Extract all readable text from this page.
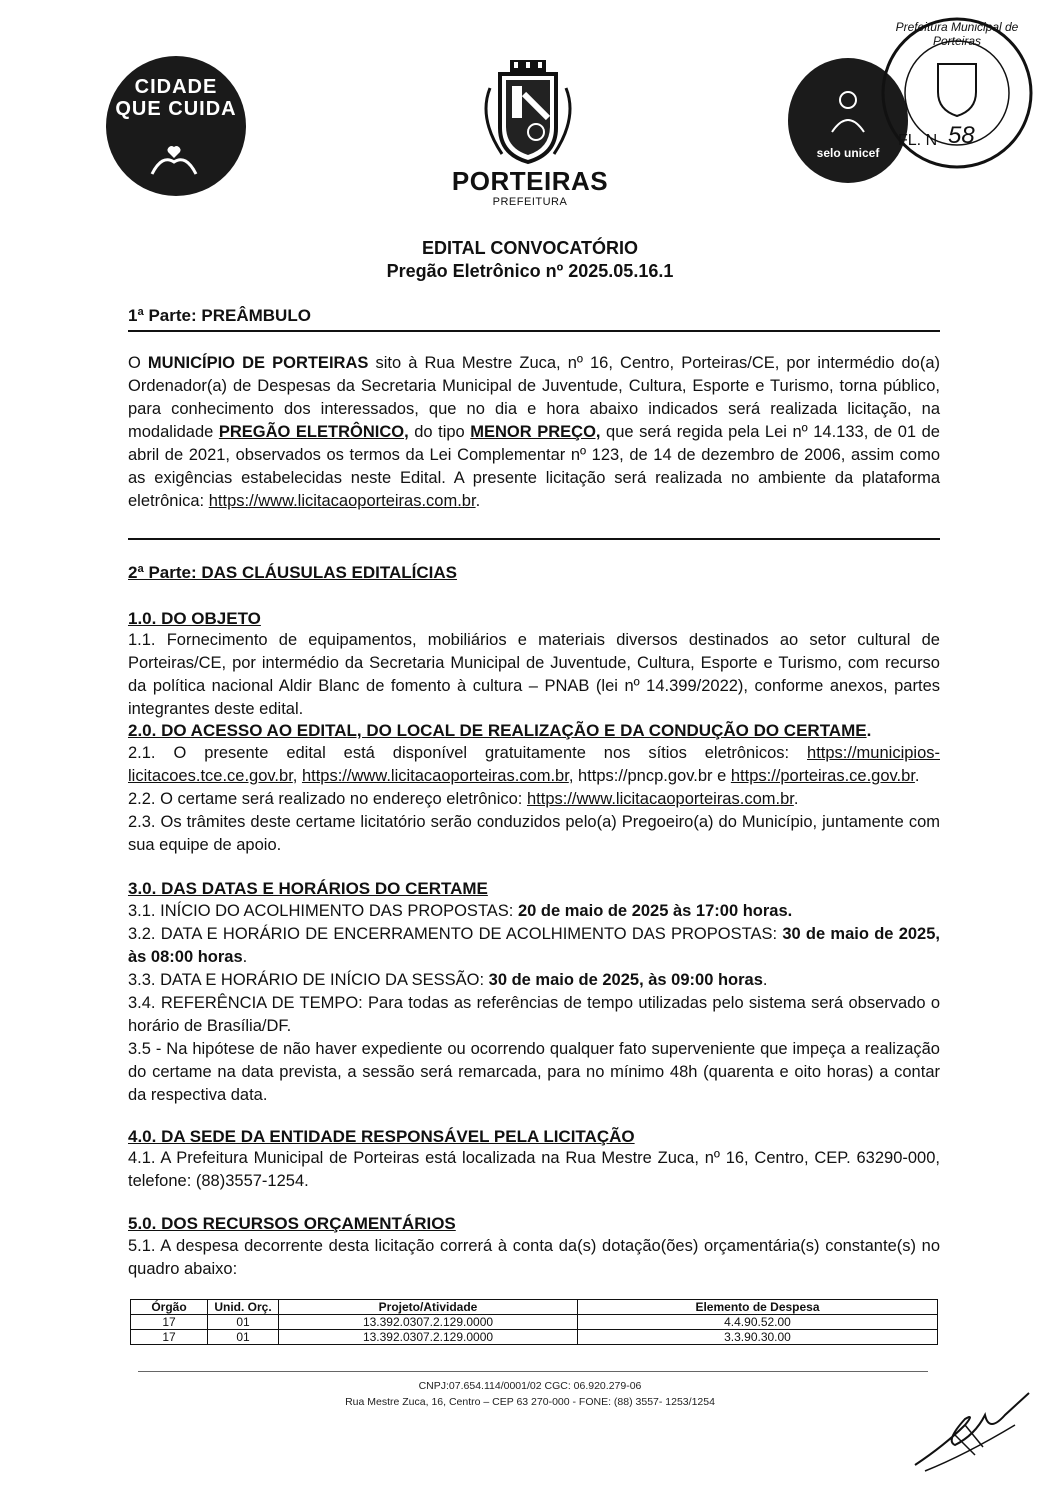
CIDADE
QUE CUIDA
PORTEIRAS
PREFEITURA
selo unicef
Prefeitura Municipal de Porteiras
FL. N 58
EDITAL CONVOCATÓRIO
Pregão Eletrônico nº 2025.05.16.1
1ª Parte: PREÂMBULO
O MUNICÍPIO DE PORTEIRAS sito à Rua Mestre Zuca, nº 16, Centro, Porteiras/CE, por intermédio do(a) Ordenador(a) de Despesas da Secretaria Municipal de Juventude, Cultura, Esporte e Turismo, torna público, para conhecimento dos interessados, que no dia e hora abaixo indicados será realizada licitação, na modalidade PREGÃO ELETRÔNICO, do tipo MENOR PREÇO, que será regida pela Lei nº 14.133, de 01 de abril de 2021, observados os termos da Lei Complementar nº 123, de 14 de dezembro de 2006, assim como as exigências estabelecidas neste Edital. A presente licitação será realizada no ambiente da plataforma eletrônica: https://www.licitacaoporteiras.com.br.
2ª Parte: DAS CLÁUSULAS EDITALÍCIAS
1.0. DO OBJETO
1.1. Fornecimento de equipamentos, mobiliários e materiais diversos destinados ao setor cultural de Porteiras/CE, por intermédio da Secretaria Municipal de Juventude, Cultura, Esporte e Turismo, com recurso da política nacional Aldir Blanc de fomento à cultura – PNAB (lei nº 14.399/2022), conforme anexos, partes integrantes deste edital.
2.0. DO ACESSO AO EDITAL, DO LOCAL DE REALIZAÇÃO E DA CONDUÇÃO DO CERTAME.
2.1. O presente edital está disponível gratuitamente nos sítios eletrônicos: https://municipios-
licitacoes.tce.ce.gov.br, https://www.licitacaoporteiras.com.br, https://pncp.gov.br e https://porteiras.ce.gov.br.
2.2. O certame será realizado no endereço eletrônico: https://www.licitacaoporteiras.com.br.
2.3. Os trâmites deste certame licitatório serão conduzidos pelo(a) Pregoeiro(a) do Município, juntamente com sua equipe de apoio.
3.0. DAS DATAS E HORÁRIOS DO CERTAME
3.1. INÍCIO DO ACOLHIMENTO DAS PROPOSTAS: 20 de maio de 2025 às 17:00 horas.
3.2. DATA E HORÁRIO DE ENCERRAMENTO DE ACOLHIMENTO DAS PROPOSTAS: 30 de maio de 2025, às 08:00 horas.
3.3. DATA E HORÁRIO DE INÍCIO DA SESSÃO: 30 de maio de 2025, às 09:00 horas.
3.4. REFERÊNCIA DE TEMPO: Para todas as referências de tempo utilizadas pelo sistema será observado o horário de Brasília/DF.
3.5 - Na hipótese de não haver expediente ou ocorrendo qualquer fato superveniente que impeça a realização do certame na data prevista, a sessão será remarcada, para no mínimo 48h (quarenta e oito horas) a contar da respectiva data.
4.0. DA SEDE DA ENTIDADE RESPONSÁVEL PELA LICITAÇÃO
4.1. A Prefeitura Municipal de Porteiras está localizada na Rua Mestre Zuca, nº 16, Centro, CEP. 63290-000, telefone: (88)3557-1254.
5.0. DOS RECURSOS ORÇAMENTÁRIOS
5.1. A despesa decorrente desta licitação correrá à conta da(s) dotação(ões) orçamentária(s) constante(s) no quadro abaixo:
Órgão	Unid. Orç.	Projeto/Atividade	Elemento de Despesa
17	01	13.392.0307.2.129.0000	4.4.90.52.00
17	01	13.392.0307.2.129.0000	3.3.90.30.00
CNPJ:07.654.114/0001/02 CGC: 06.920.279-06
Rua Mestre Zuca, 16, Centro – CEP 63 270-000 - FONE: (88) 3557- 1253/1254
